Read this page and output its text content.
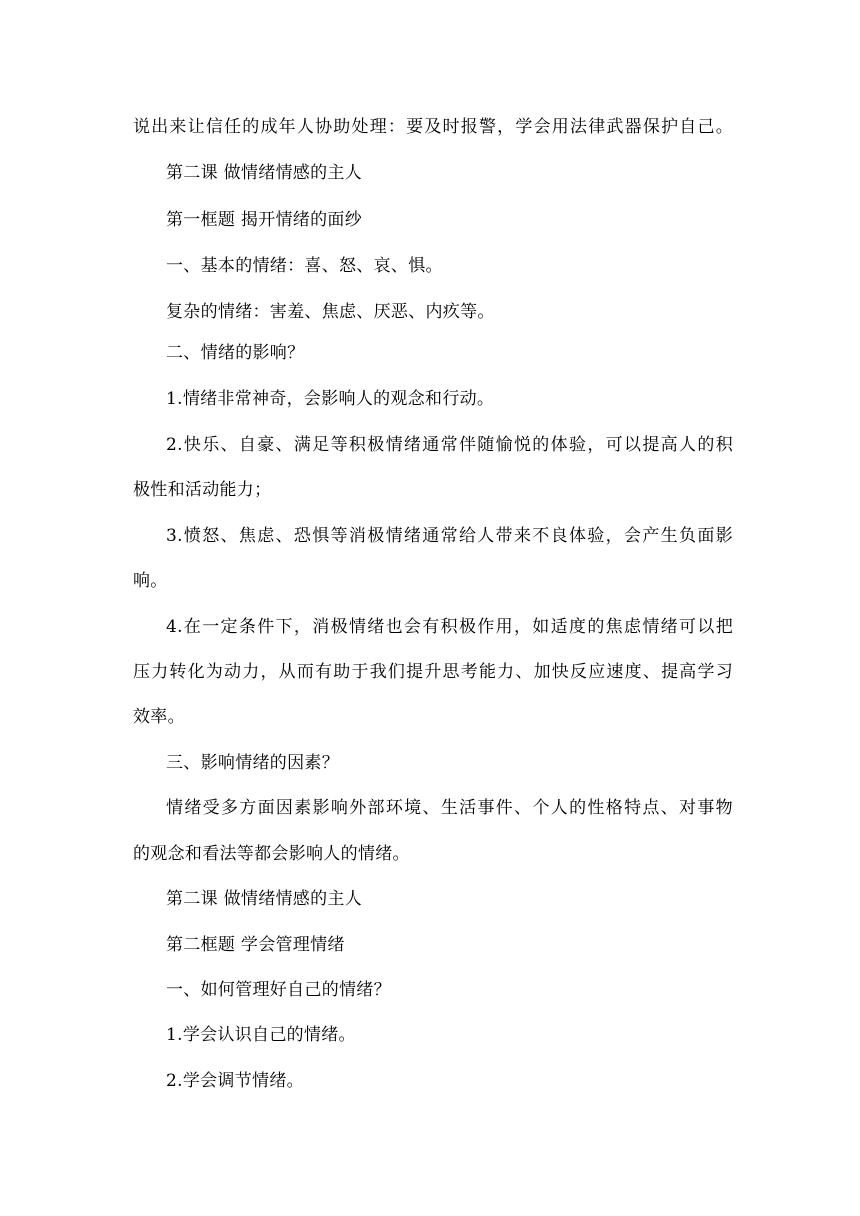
说出来让信任的成年人协助处理：要及时报警，学会用法律武器保护自己。
第二课 做情绪情感的主人
第一框题 揭开情绪的面纱
一、基本的情绪：喜、怒、哀、惧。
复杂的情绪：害羞、焦虑、厌恶、内疚等。
二、情绪的影响？
1.情绪非常神奇，会影响人的观念和行动。
2.快乐、自豪、满足等积极情绪通常伴随愉悦的体验，可以提高人的积
极性和活动能力；
3.愤怒、焦虑、恐惧等消极情绪通常给人带来不良体验，会产生负面影
响。
4.在一定条件下，消极情绪也会有积极作用，如适度的焦虑情绪可以把
压力转化为动力，从而有助于我们提升思考能力、加快反应速度、提高学习
效率。
三、影响情绪的因素？
情绪受多方面因素影响外部环境、生活事件、个人的性格特点、对事物
的观念和看法等都会影响人的情绪。
第二课 做情绪情感的主人
第二框题 学会管理情绪
一、如何管理好自己的情绪？
1.学会认识自己的情绪。
2.学会调节情绪。
